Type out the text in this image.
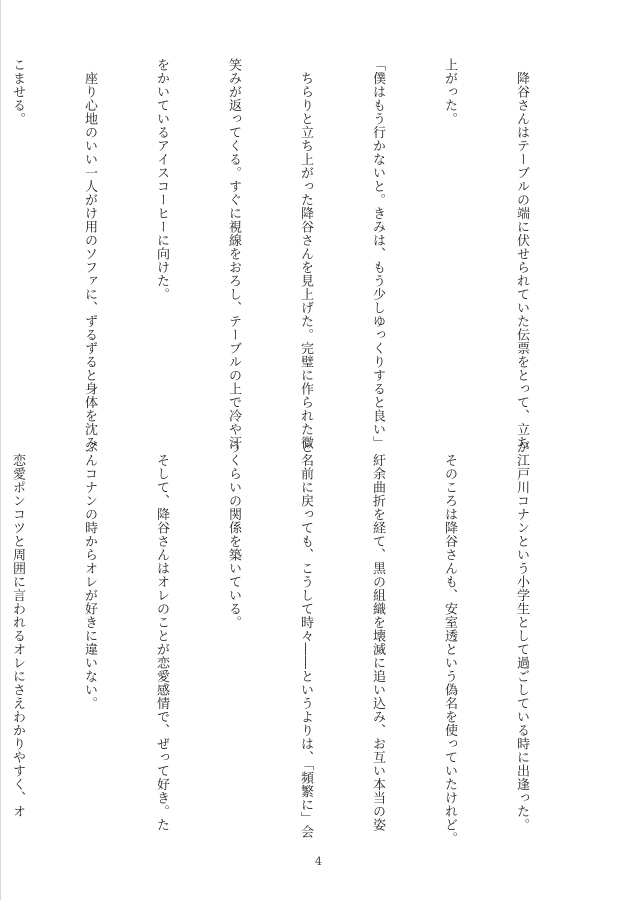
　降谷さんはテーブルの端に伏せられていた伝票をとって、立ち

上がった。

「僕はもう行かないと。きみは、もう少しゆっくりすると良い」

　ちらりと立ち上がった降谷さんを見上げた。完璧に作られた微

笑みが返ってくる。すぐに視線をおろし、テーブルの上で冷や汗

をかいているアイスコーヒーに向けた。

　座り心地のいい一人がけ用のソファに、ずるずると身体を沈み

こませる。

が江戸川コナンという小学生として過ごしている時に出逢った。

　そのころは降谷さんも、安室透という偽名を使っていたけれど。

　紆余曲折を経て、黒の組織を壊滅に追い込み、お互い本当の姿

と名前に戻っても、こうして時々――というよりは、「頻繁に」会

うくらいの関係を築いている。

　そして、降谷さんはオレのことが恋愛感情で、ぜって好き。た

ぶんコナンの時からオレが好きに違いない。

　恋愛ポンコツと周囲に言われるオレにさえわかりやすく、オ

4
